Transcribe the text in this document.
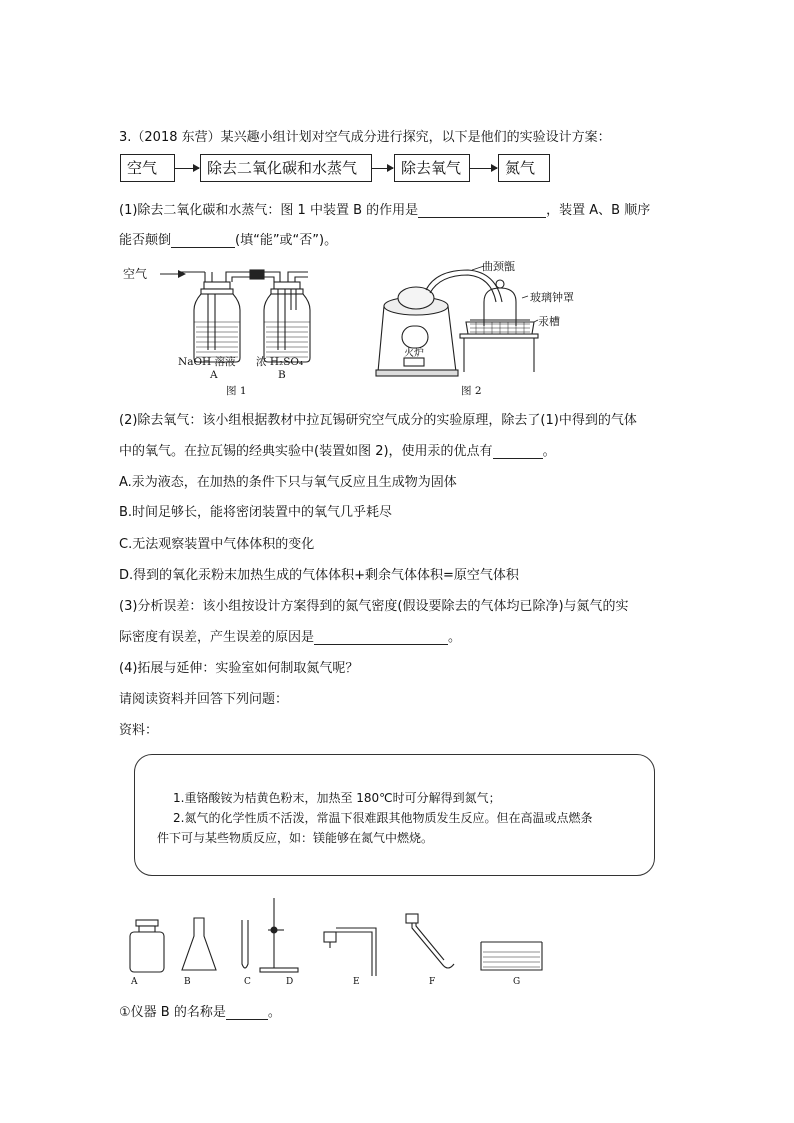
3.（2018 东营）某兴趣小组计划对空气成分进行探究，以下是他们的实验设计方案：
空气	除去二氧化碳和水蒸气	除去氧气	氮气
(1)除去二氧化碳和水蒸气：图 1 中装置 B 的作用是	，装置 A、B 顺序
能否颠倒	(填“能”或“否”)。
空气
NaOH 溶液 浓 H₂SO₄
A	B
图 1
曲颈甑
玻璃钟罩
汞槽
火炉
图 2
(2)除去氧气：该小组根据教材中拉瓦锡研究空气成分的实验原理，除去了(1)中得到的气体
中的氧气。在拉瓦锡的经典实验中(装置如图 2)，使用汞的优点有	。
A.汞为液态，在加热的条件下只与氧气反应且生成物为固体
B.时间足够长，能将密闭装置中的氧气几乎耗尽
C.无法观察装置中气体体积的变化
D.得到的氧化汞粉末加热生成的气体体积+剩余气体体积=原空气体积
(3)分析误差：该小组按设计方案得到的氮气密度(假设要除去的气体均已除净)与氮气的实
际密度有误差，产生误差的原因是	。
(4)拓展与延伸：实验室如何制取氮气呢？
请阅读资料并回答下列问题：
资料：
1.重铬酸铵为桔黄色粉末，加热至 180℃时可分解得到氮气；
2.氮气的化学性质不活泼，常温下很难跟其他物质发生反应。但在高温或点燃条
件下可与某些物质反应，如：镁能够在氮气中燃烧。
A	B	C	D	E	F	G
①仪器 B 的名称是	。
